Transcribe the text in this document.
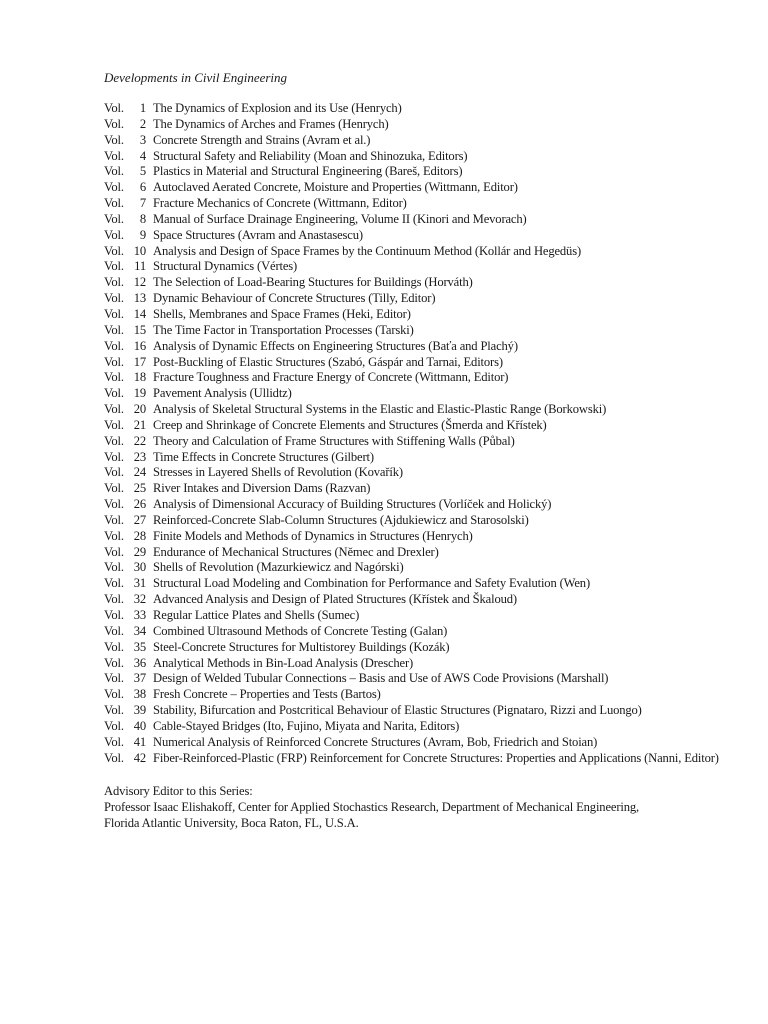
Developments in Civil Engineering
Vol.	1 The Dynamics of Explosion and its Use (Henrych)
Vol.	2 The Dynamics of Arches and Frames (Henrych)
Vol.	3 Concrete Strength and Strains (Avram et al.)
Vol.	4 Structural Safety and Reliability (Moan and Shinozuka, Editors)
Vol.	5 Plastics in Material and Structural Engineering (Bareš, Editors)
Vol.	6 Autoclaved Aerated Concrete, Moisture and Properties (Wittmann, Editor)
Vol.	7 Fracture Mechanics of Concrete (Wittmann, Editor)
Vol.	8 Manual of Surface Drainage Engineering, Volume II (Kinori and Mevorach)
Vol.	9 Space Structures (Avram and Anastasescu)
Vol. 10 Analysis and Design of Space Frames by the Continuum Method (Kollár and Hegedüs)
Vol. 11 Structural Dynamics (Vértes)
Vol. 12 The Selection of Load-Bearing Stuctures for Buildings (Horváth)
Vol. 13 Dynamic Behaviour of Concrete Structures (Tilly, Editor)
Vol. 14 Shells, Membranes and Space Frames (Heki, Editor)
Vol. 15 The Time Factor in Transportation Processes (Tarski)
Vol. 16 Analysis of Dynamic Effects on Engineering Structures (Baťa and Plachý)
Vol. 17 Post-Buckling of Elastic Structures (Szabó, Gáspár and Tarnai, Editors)
Vol. 18 Fracture Toughness and Fracture Energy of Concrete (Wittmann, Editor)
Vol. 19 Pavement Analysis (Ullidtz)
Vol. 20 Analysis of Skeletal Structural Systems in the Elastic and Elastic-Plastic Range (Borkowski)
Vol. 21 Creep and Shrinkage of Concrete Elements and Structures (Šmerda and Křístek)
Vol. 22 Theory and Calculation of Frame Structures with Stiffening Walls (Půbal)
Vol. 23 Time Effects in Concrete Structures (Gilbert)
Vol. 24 Stresses in Layered Shells of Revolution (Kovařík)
Vol. 25 River Intakes and Diversion Dams (Razvan)
Vol. 26 Analysis of Dimensional Accuracy of Building Structures (Vorlíček and Holický)
Vol. 27 Reinforced-Concrete Slab-Column Structures (Ajdukiewicz and Starosolski)
Vol. 28 Finite Models and Methods of Dynamics in Structures (Henrych)
Vol. 29 Endurance of Mechanical Structures (Němec and Drexler)
Vol. 30 Shells of Revolution (Mazurkiewicz and Nagórski)
Vol. 31 Structural Load Modeling and Combination for Performance and Safety Evalution (Wen)
Vol. 32 Advanced Analysis and Design of Plated Structures (Křístek and Škaloud)
Vol. 33 Regular Lattice Plates and Shells (Sumec)
Vol. 34 Combined Ultrasound Methods of Concrete Testing (Galan)
Vol. 35 Steel-Concrete Structures for Multistorey Buildings (Kozák)
Vol. 36 Analytical Methods in Bin-Load Analysis (Drescher)
Vol. 37 Design of Welded Tubular Connections – Basis and Use of AWS Code Provisions (Marshall)
Vol. 38 Fresh Concrete – Properties and Tests (Bartos)
Vol. 39 Stability, Bifurcation and Postcritical Behaviour of Elastic Structures (Pignataro, Rizzi and Luongo)
Vol. 40 Cable-Stayed Bridges (Ito, Fujino, Miyata and Narita, Editors)
Vol. 41 Numerical Analysis of Reinforced Concrete Structures (Avram, Bob, Friedrich and Stoian)
Vol. 42 Fiber-Reinforced-Plastic (FRP) Reinforcement for Concrete Structures: Properties and Applications (Nanni, Editor)
Advisory Editor to this Series:
Professor Isaac Elishakoff, Center for Applied Stochastics Research, Department of Mechanical Engineering, Florida Atlantic University, Boca Raton, FL, U.S.A.
